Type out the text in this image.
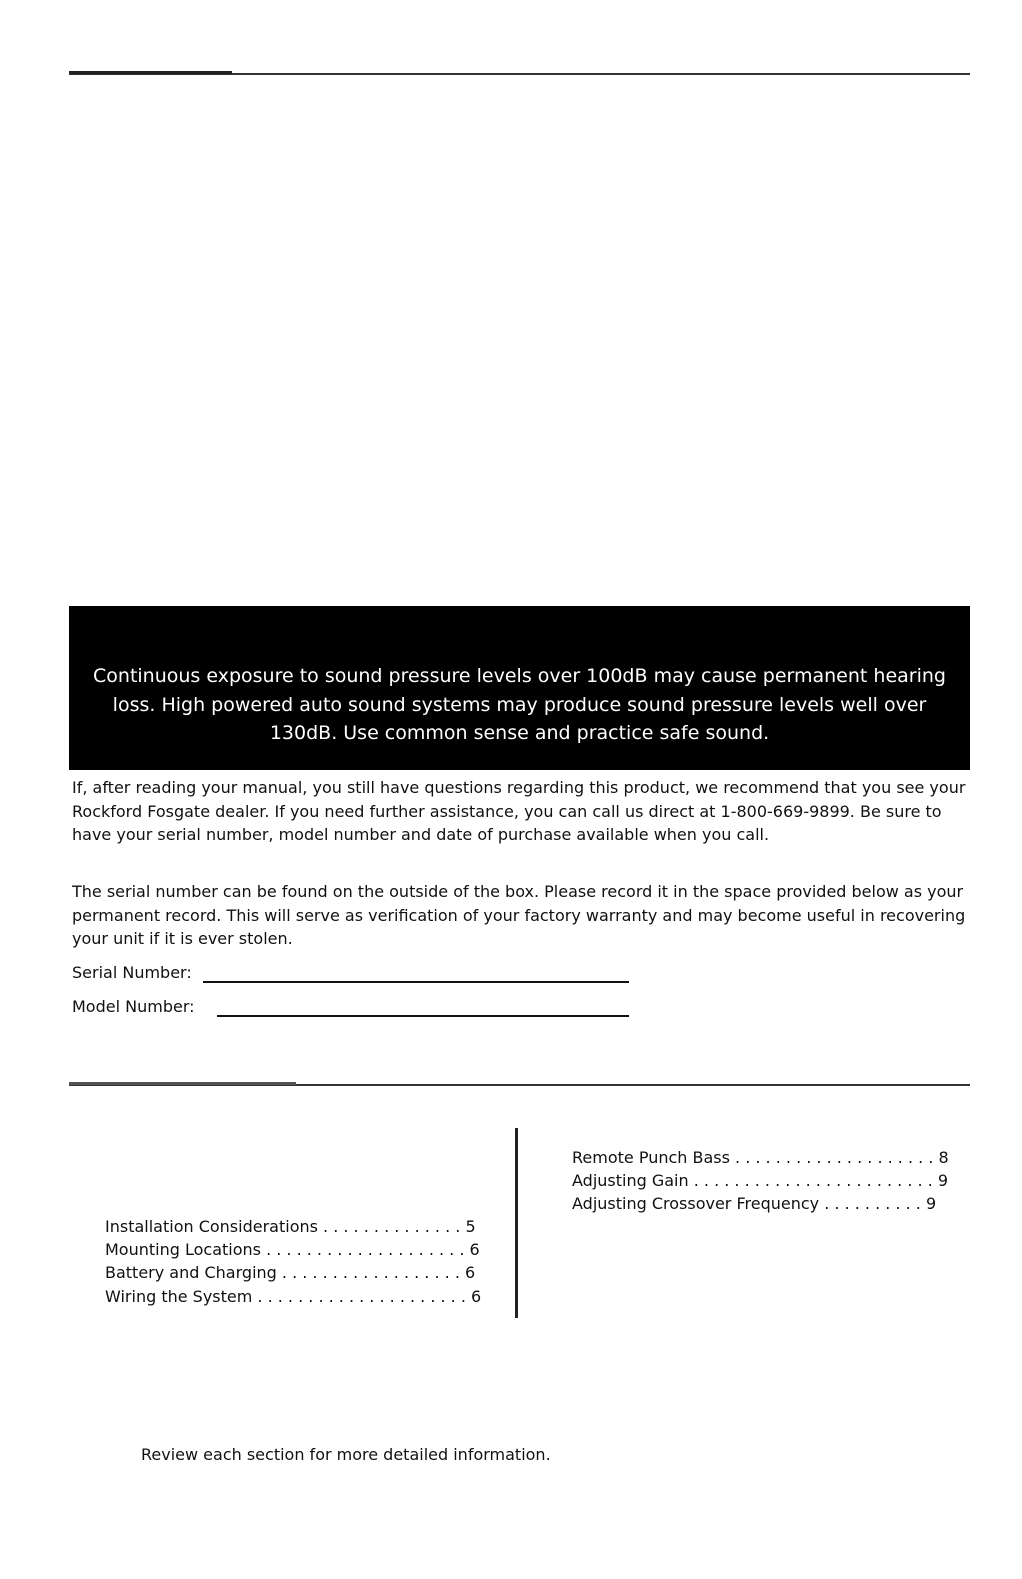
Continuous exposure to sound pressure levels over 100dB may cause permanent hearing loss. High powered auto sound systems may produce sound pressure levels well over 130dB. Use common sense and practice safe sound.

If, after reading your manual, you still have questions regarding this product, we recommend that you see your Rockford Fosgate dealer. If you need further assistance, you can call us direct at 1-800-669-9899. Be sure to have your serial number, model number and date of purchase available when you call.

The serial number can be found on the outside of the box. Please record it in the space provided below as your permanent record. This will serve as verification of your factory warranty and may become useful in recovering your unit if it is ever stolen.

Serial Number:
Model Number:
Installation Considerations . . . . . . . . . . . . . . 5
Mounting Locations . . . . . . . . . . . . . . . . . . . . 6
Battery and Charging . . . . . . . . . . . . . . . . . . 6
Wiring the System . . . . . . . . . . . . . . . . . . . . . 6
Remote Punch Bass . . . . . . . . . . . . . . . . . . . . 8
Adjusting Gain . . . . . . . . . . . . . . . . . . . . . . . . 9
Adjusting Crossover Frequency . . . . . . . . . . 9
Review each section for more detailed information.
